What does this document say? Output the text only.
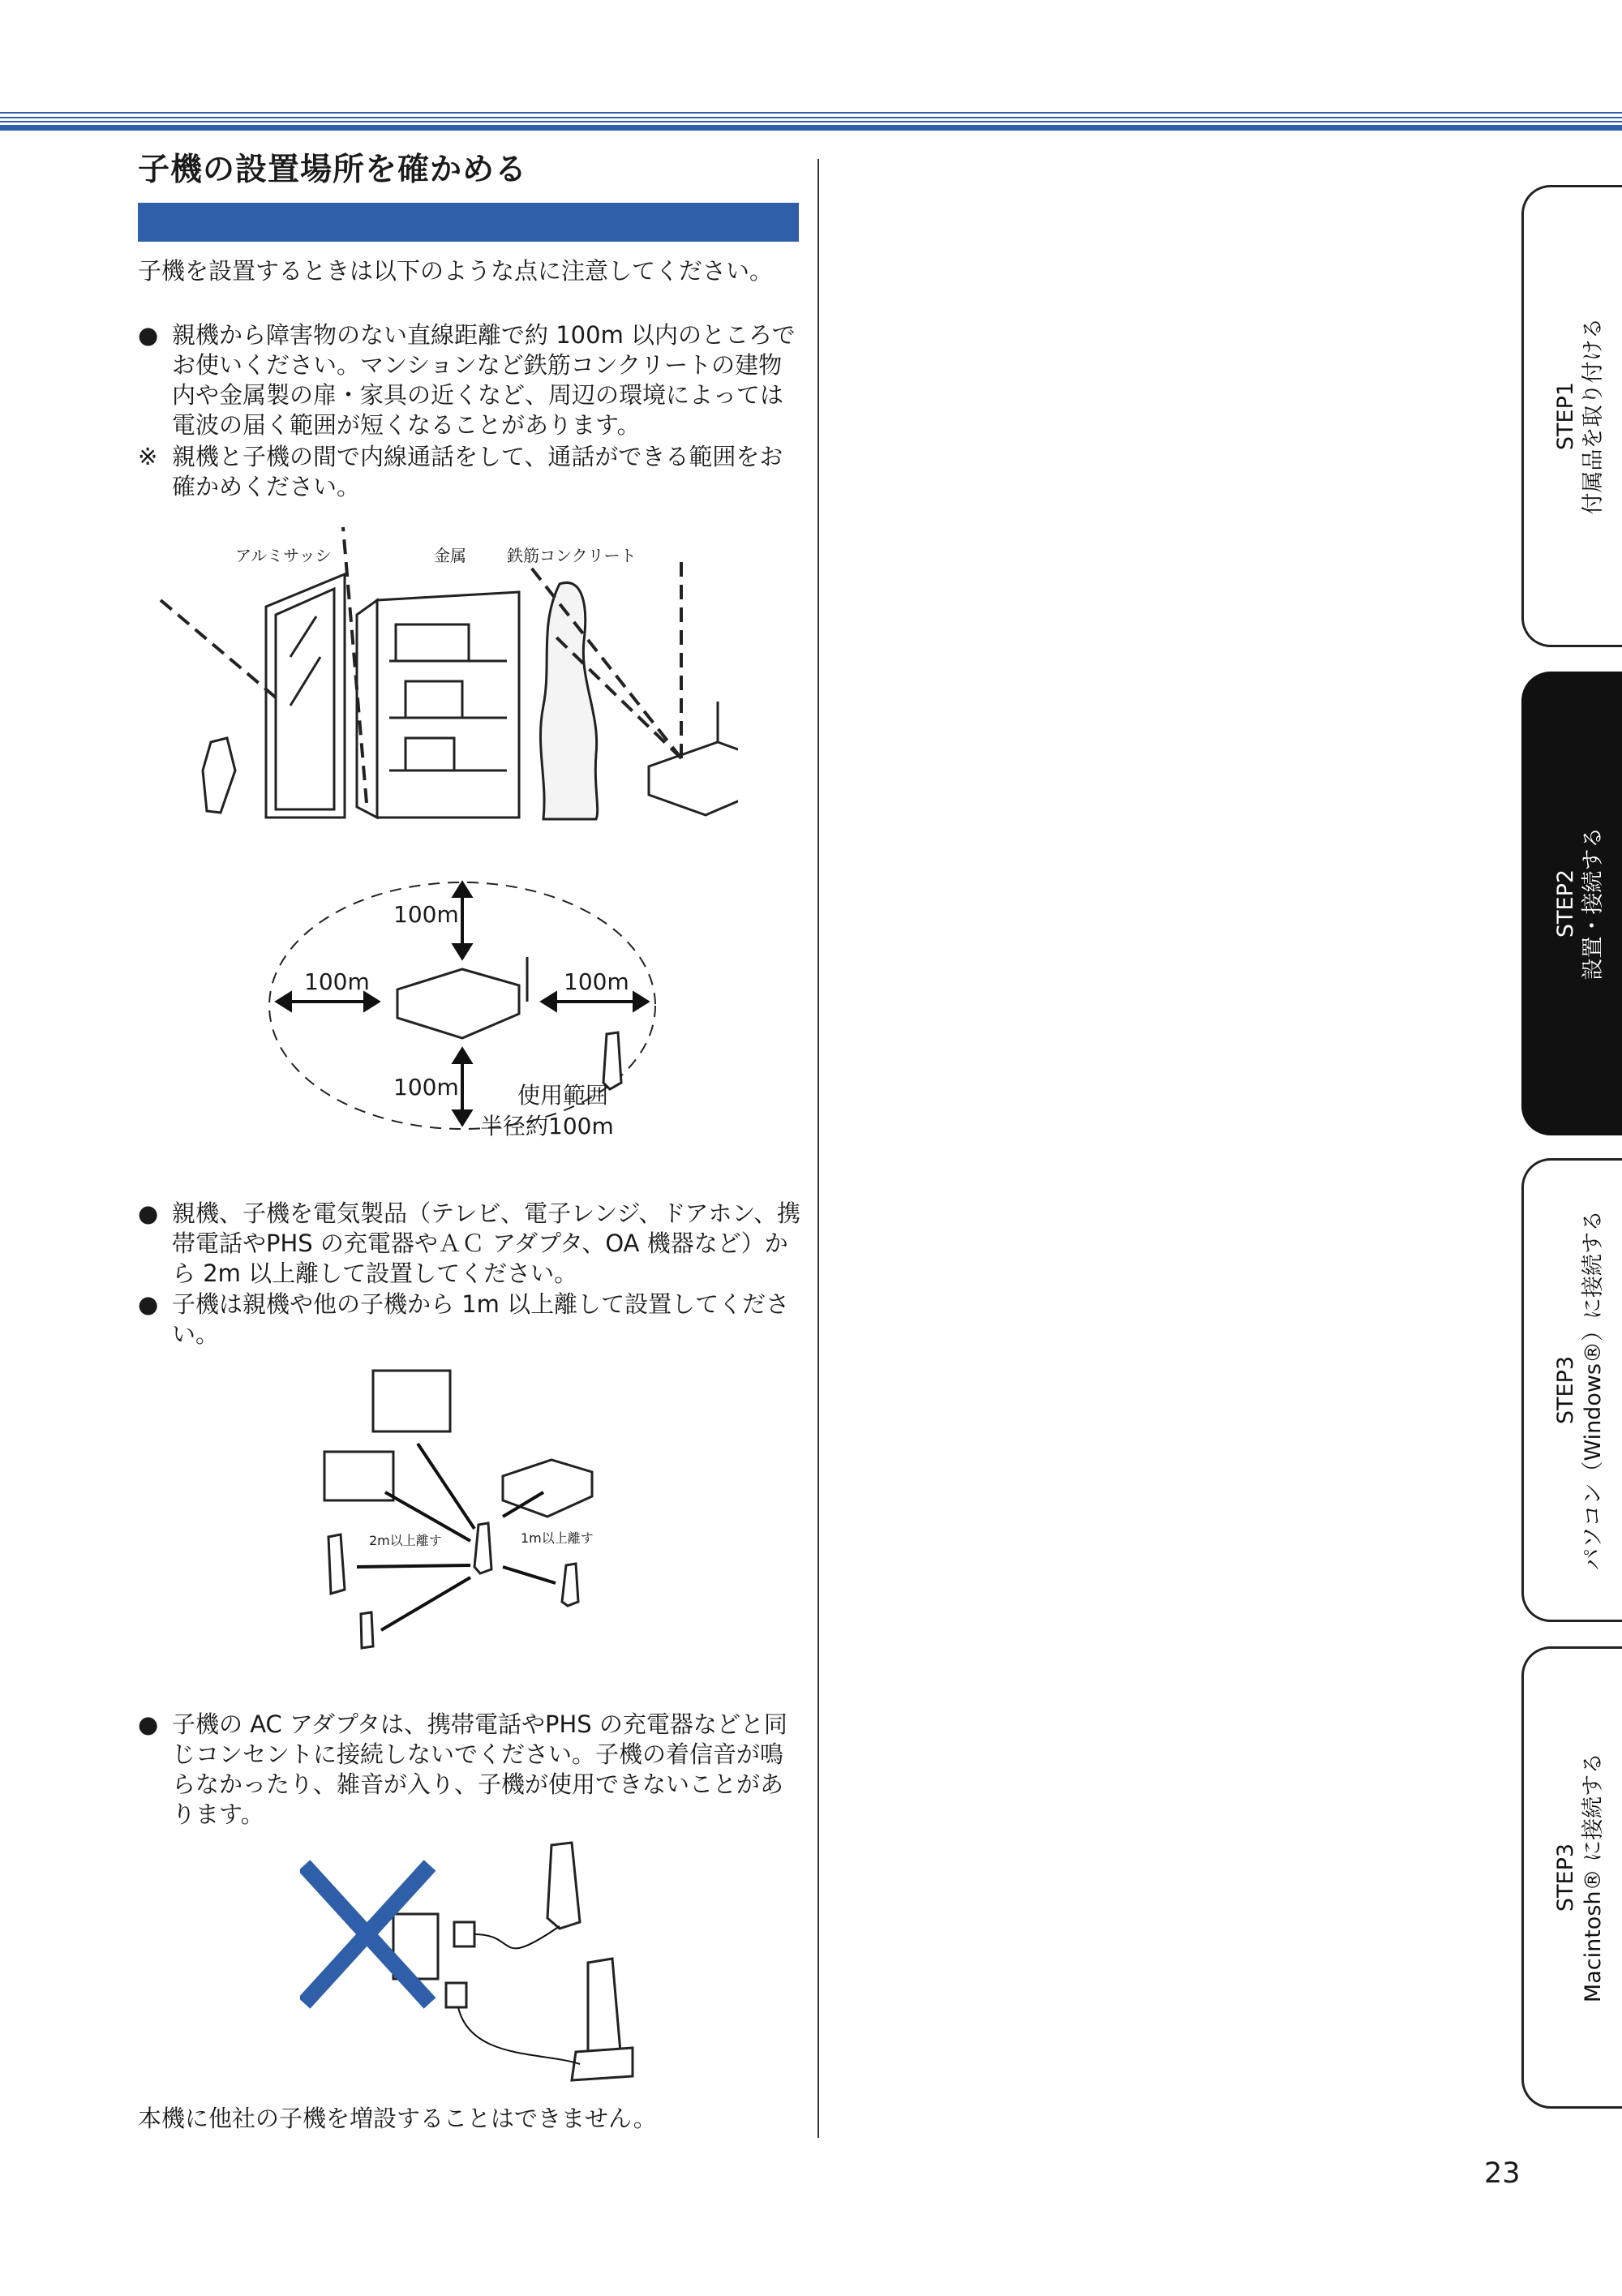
子機の設置場所を確かめる
子機を設置するときは以下のような点に注意してください。
● 親機から障害物のない直線距離で約 100m 以内のところでお使いください。マンションなど鉄筋コンクリートの建物内や金属製の扉・家具の近くなど、周辺の環境によっては電波の届く範囲が短くなることがあります。
※ 親機と子機の間で内線通話をして、通話ができる範囲をお確かめください。
アルミサッシ	金属	鉄筋コンクリート
100m
100m	100m
100m	使用範囲
半径約100m
● 親機、子機を電気製品（テレビ、電子レンジ、ドアホン、携帯電話やPHS の充電器やＡＣ アダプタ、OA 機器など）から 2m 以上離して設置してください。
● 子機は親機や他の子機から 1m 以上離して設置してください。
2m以上離す	1m以上離す
● 子機の AC アダプタは、携帯電話やPHS の充電器などと同じコンセントに接続しないでください。子機の着信音が鳴らなかったり、雑音が入り、子機が使用できないことがあります。
本機に他社の子機を増設することはできません。
STEP1 付属品を取り付ける
STEP2 設置・接続する
STEP3 パソコン（Windows®）に接続する
STEP3 Macintosh® に接続する
23
